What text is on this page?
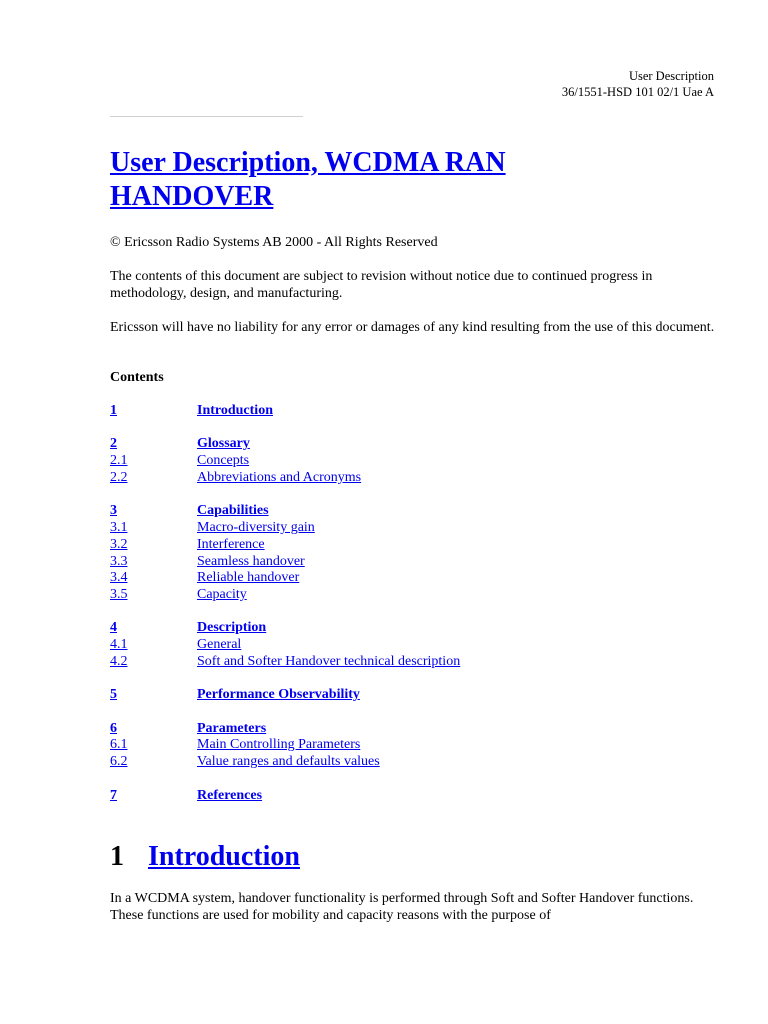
User Description
36/1551-HSD 101 02/1 Uae A
User Description, WCDMA RAN
HANDOVER

© Ericsson Radio Systems AB 2000 - All Rights Reserved

The contents of this document are subject to revision without notice due to continued progress in methodology, design, and manufacturing.

Ericsson will have no liability for any error or damages of any kind resulting from the use of this document.

Contents

1	Introduction
2	Glossary
2.1	Concepts
2.2	Abbreviations and Acronyms
3	Capabilities
3.1	Macro-diversity gain
3.2	Interference
3.3	Seamless handover
3.4	Reliable handover
3.5	Capacity
4	Description
4.1	General
4.2	Soft and Softer Handover technical description
5	Performance Observability
6	Parameters
6.1	Main Controlling Parameters
6.2	Value ranges and defaults values
7	References
1 Introduction

In a WCDMA system, handover functionality is performed through Soft and Softer Handover functions. These functions are used for mobility and capacity reasons with the purpose of
